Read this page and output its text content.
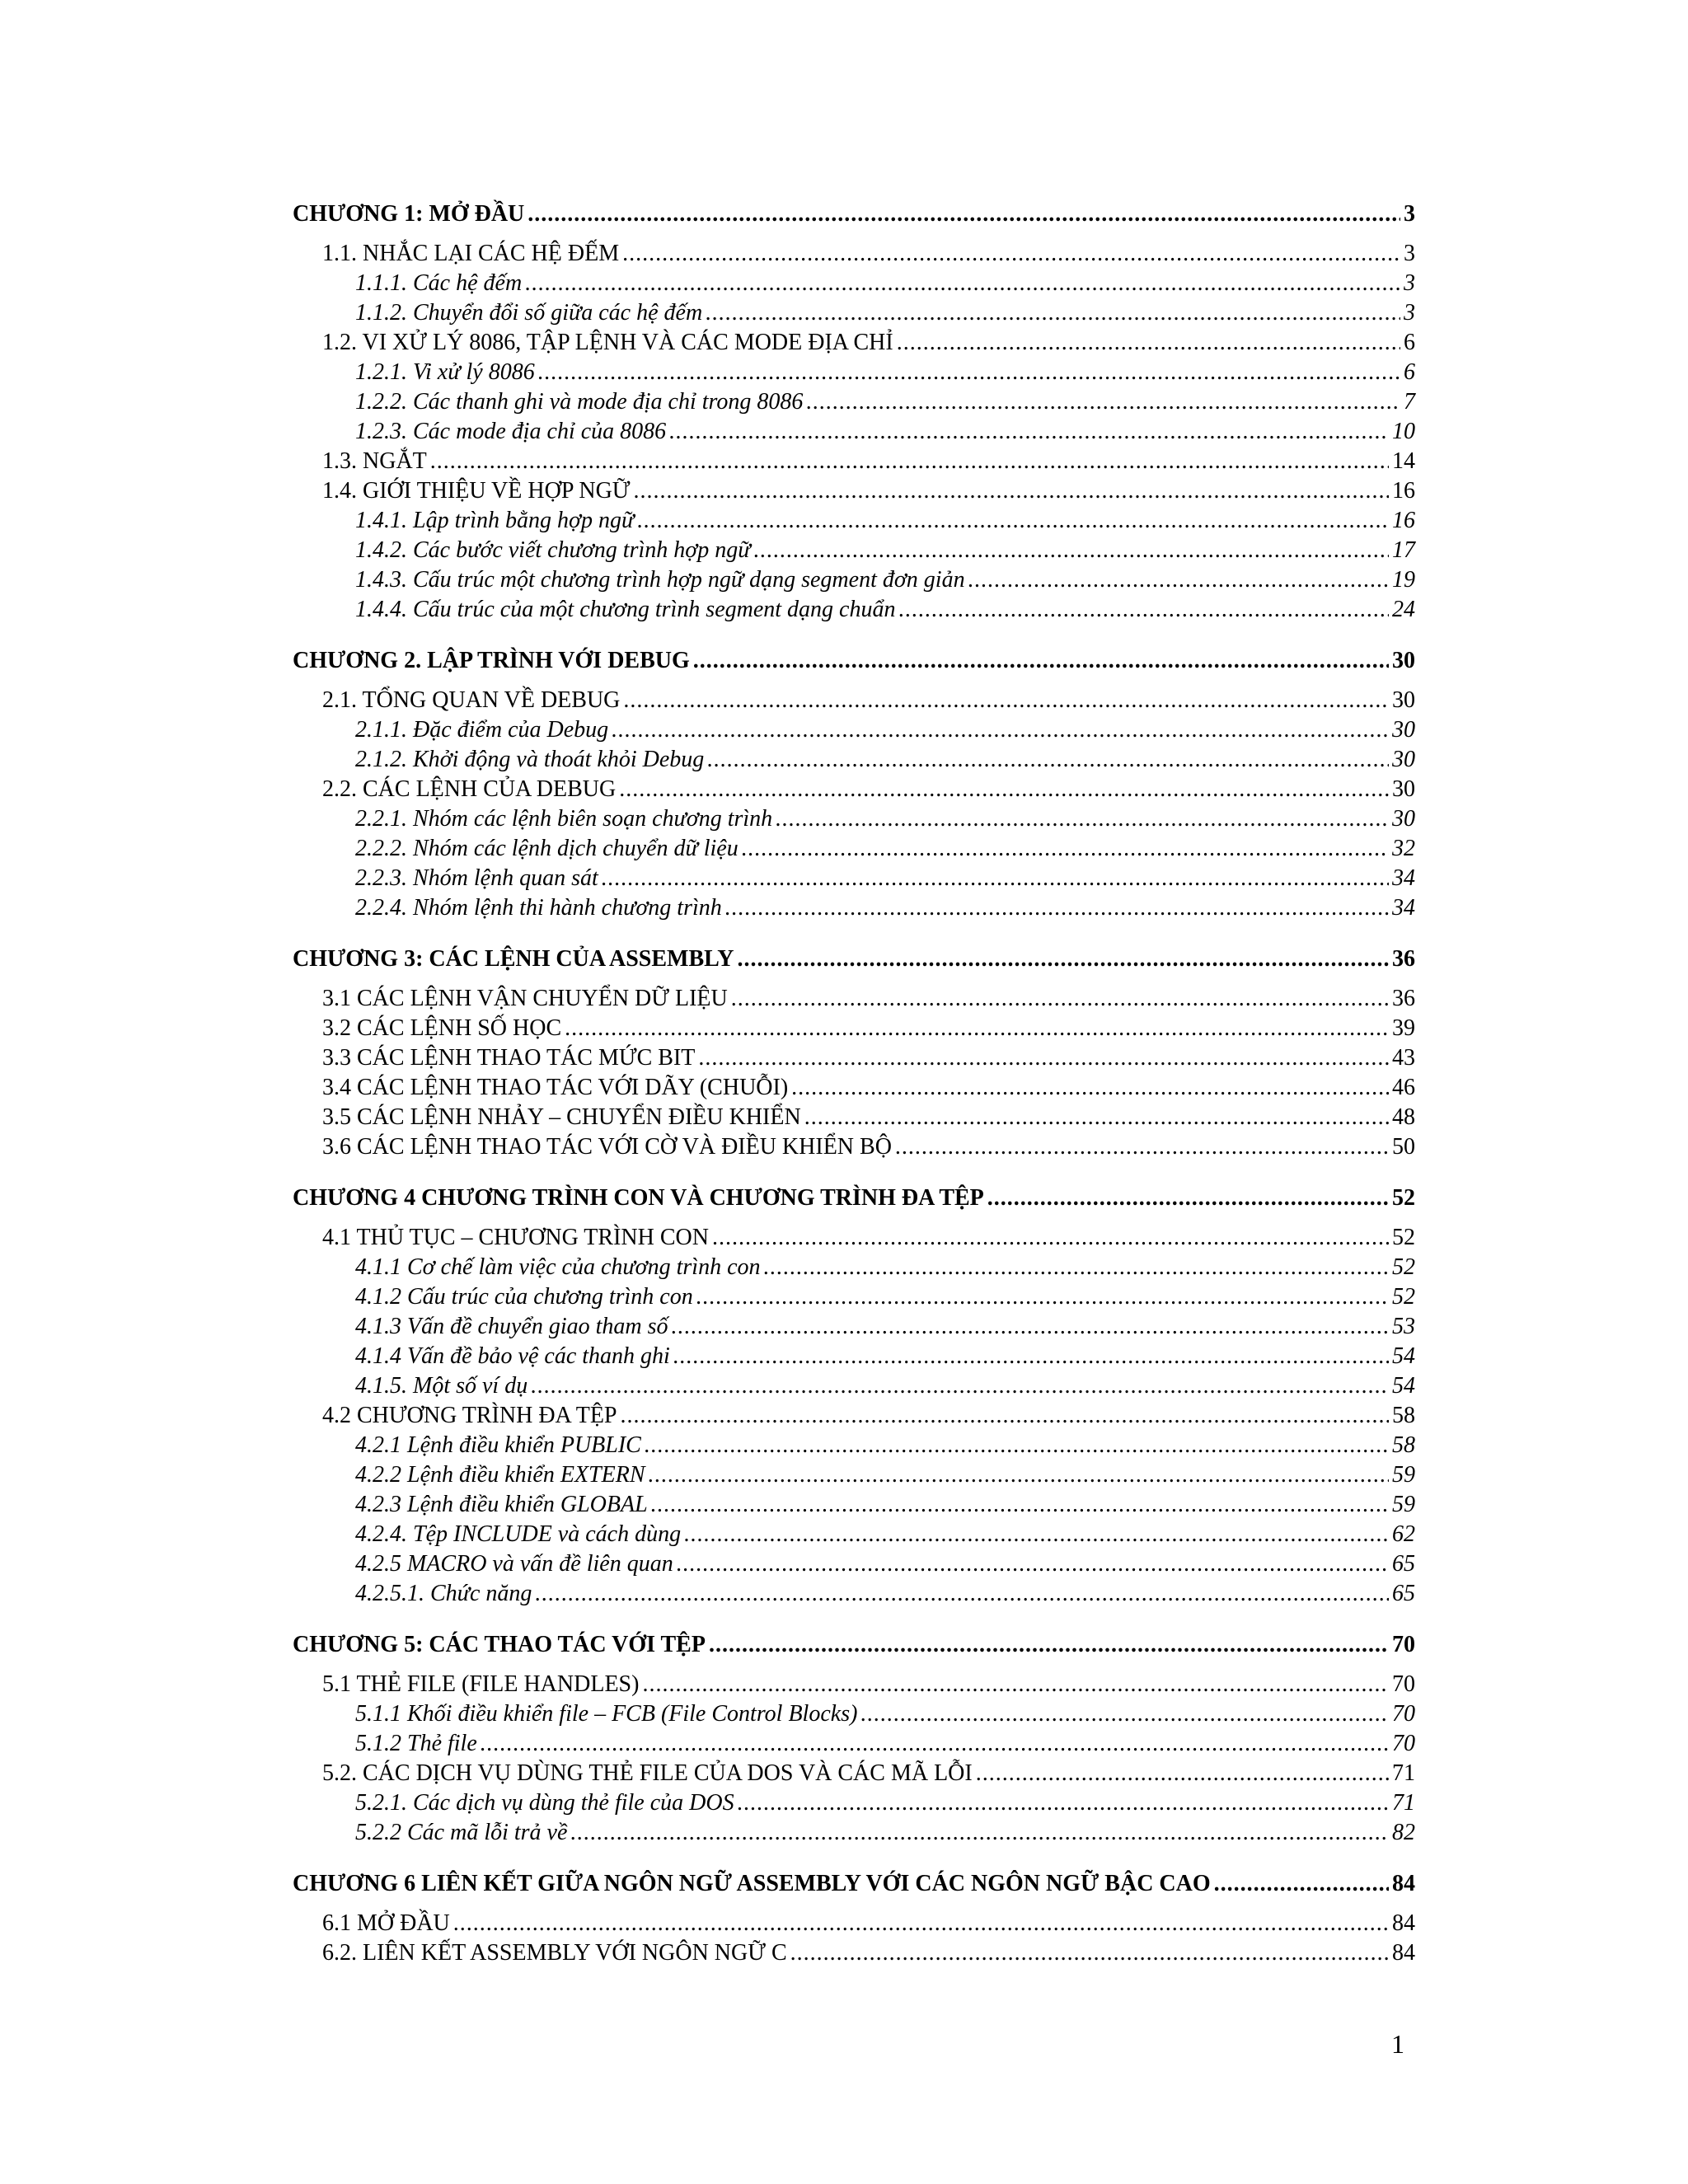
CHƯƠNG 1: MỞ ĐẦU .....	3
1.1. NHẮC LẠI CÁC HỆ ĐẾM .....	3
1.1.1. Các hệ đếm .....	3
1.1.2. Chuyển đổi số giữa các hệ đếm .....	3
1.2. VI XỬ LÝ 8086, TẬP LỆNH VÀ CÁC MODE ĐỊA CHỈ .....	6
1.2.1. Vi xử lý 8086 .....	6
1.2.2. Các thanh ghi và mode địa chỉ trong 8086 .....	7
1.2.3. Các mode địa chỉ của 8086 .....	10
1.3. NGẮT .....	14
1.4. GIỚI THIỆU VỀ HỢP NGỮ .....	16
1.4.1. Lập trình bằng hợp ngữ .....	16
1.4.2. Các bước viết chương trình hợp ngữ .....	17
1.4.3. Cấu trúc một chương trình hợp ngữ dạng segment đơn giản .....	19
1.4.4. Cấu trúc của một chương trình segment dạng chuẩn .....	24
CHƯƠNG 2. LẬP TRÌNH VỚI DEBUG .....	30
2.1. TỔNG QUAN VỀ DEBUG .....	30
2.1.1. Đặc điểm của Debug .....	30
2.1.2. Khởi động và thoát khỏi Debug .....	30
2.2. CÁC LỆNH CỦA DEBUG .....	30
2.2.1. Nhóm các lệnh biên soạn chương trình .....	30
2.2.2. Nhóm các lệnh dịch chuyển dữ liệu .....	32
2.2.3. Nhóm lệnh quan sát .....	34
2.2.4. Nhóm lệnh thi hành chương trình .....	34
CHƯƠNG 3: CÁC LỆNH CỦA ASSEMBLY .....	36
3.1 CÁC LỆNH VẬN CHUYỂN DỮ LIỆU .....	36
3.2 CÁC LỆNH SỐ HỌC .....	39
3.3 CÁC LỆNH THAO TÁC MỨC BIT .....	43
3.4 CÁC LỆNH THAO TÁC VỚI DÃY (CHUỖI) .....	46
3.5 CÁC LỆNH NHẢY – CHUYỂN ĐIỀU KHIỂN .....	48
3.6 CÁC LỆNH THAO TÁC VỚI CỜ VÀ ĐIỀU KHIỂN BỘ .....	50
CHƯƠNG 4 CHƯƠNG TRÌNH CON VÀ CHƯƠNG TRÌNH ĐA TỆP .....	52
4.1 THỦ TỤC – CHƯƠNG TRÌNH CON .....	52
4.1.1 Cơ chế làm việc của chương trình con .....	52
4.1.2 Cấu trúc của chương trình con .....	52
4.1.3 Vấn đề chuyển giao tham số .....	53
4.1.4 Vấn đề bảo vệ các thanh ghi .....	54
4.1.5. Một số ví dụ .....	54
4.2 CHƯƠNG TRÌNH ĐA TỆP .....	58
4.2.1 Lệnh điều khiển PUBLIC .....	58
4.2.2 Lệnh điều khiển EXTERN .....	59
4.2.3 Lệnh điều khiển GLOBAL .....	59
4.2.4. Tệp INCLUDE và cách dùng .....	62
4.2.5 MACRO và vấn đề liên quan .....	65
4.2.5.1. Chức năng .....	65
CHƯƠNG 5: CÁC THAO TÁC VỚI TỆP .....	70
5.1 THẺ FILE (FILE HANDLES) .....	70
5.1.1 Khối điều khiển file – FCB (File Control Blocks) .....	70
5.1.2 Thẻ file .....	70
5.2. CÁC DỊCH VỤ DÙNG THẺ FILE CỦA DOS VÀ CÁC MÃ LỖI .....	71
5.2.1. Các dịch vụ dùng thẻ file của DOS .....	71
5.2.2 Các mã lỗi trả về .....	82
CHƯƠNG 6 LIÊN KẾT GIỮA NGÔN NGỮ ASSEMBLY VỚI CÁC NGÔN NGỮ BẬC CAO .....	84
6.1 MỞ ĐẦU .....	84
6.2. LIÊN KẾT ASSEMBLY VỚI NGÔN NGỮ C .....	84
1
